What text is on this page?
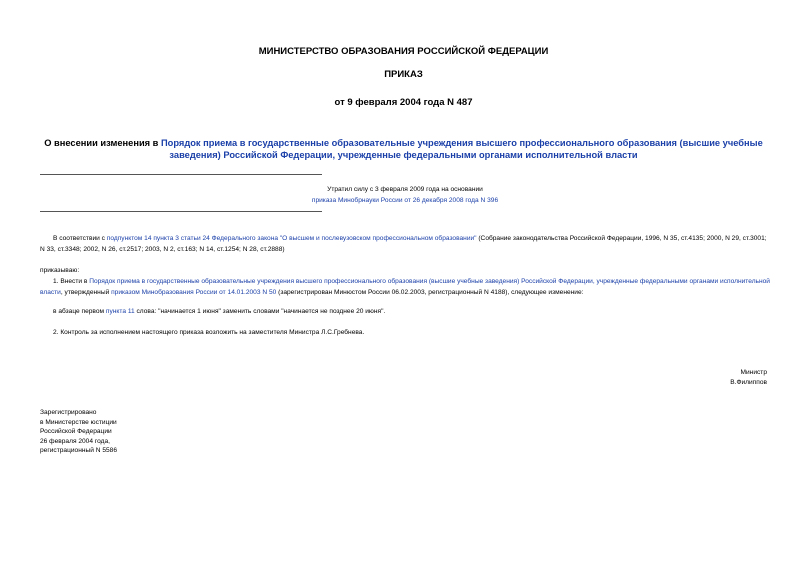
МИНИСТЕРСТВО ОБРАЗОВАНИЯ РОССИЙСКОЙ ФЕДЕРАЦИИ
ПРИКАЗ
от 9 февраля 2004 года N 487
О внесении изменения в Порядок приема в государственные образовательные учреждения высшего профессионального образования (высшие учебные заведения) Российской Федерации, учрежденные федеральными органами исполнительной власти
Утратил силу с 3 февраля 2009 года на основании
приказа Минобрнауки России от 26 декабря 2008 года N 396
В соответствии с подпунктом 14 пункта 3 статьи 24 Федерального закона "О высшем и послевузовском профессиональном образовании" (Собрание законодательства Российской Федерации, 1996, N 35, ст.4135; 2000, N 29, ст.3001; N 33, ст.3348; 2002, N 26, ст.2517; 2003, N 2, ст.163; N 14, ст.1254; N 28, ст.2888)
приказываю:
1. Внести в Порядок приема в государственные образовательные учреждения высшего профессионального образования (высшие учебные заведения) Российской Федерации, учрежденные федеральными органами исполнительной власти, утвержденный приказом Минобразования России от 14.01.2003 N 50 (зарегистрирован Минюстом России 06.02.2003, регистрационный N 4188), следующее изменение:
в абзаце первом пункта 11 слова: "начинается 1 июня" заменить словами "начинается не позднее 20 июня".
2. Контроль за исполнением настоящего приказа возложить на заместителя Министра Л.С.Гребнева.
Министр
В.Филиппов
Зарегистрировано
в Министерстве юстиции
Российской Федерации
26 февраля 2004 года,
регистрационный N 5586
